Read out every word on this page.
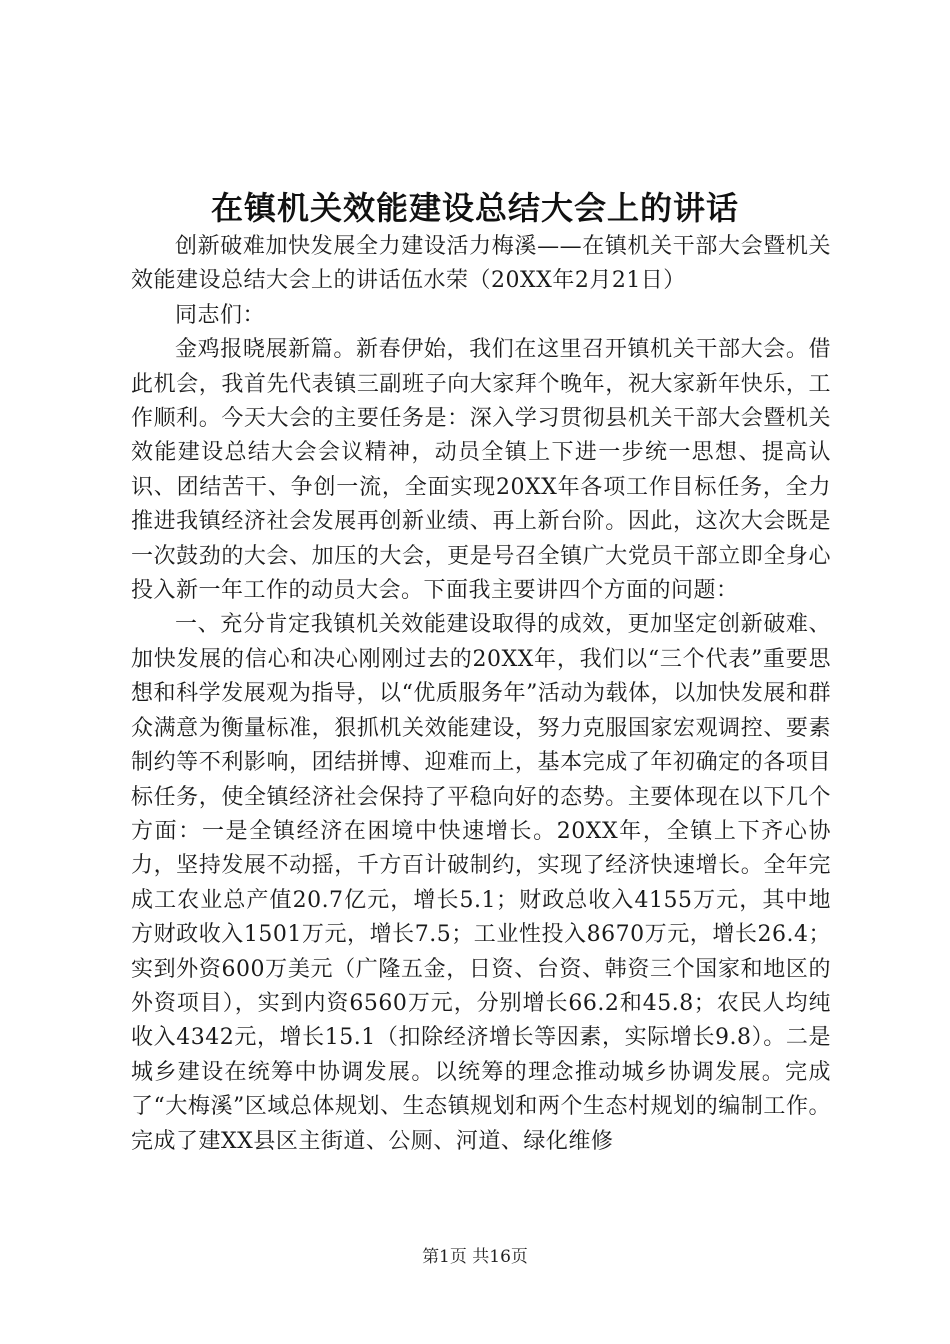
在镇机关效能建设总结大会上的讲话

创新破难加快发展全力建设活力梅溪——在镇机关干部大会暨机关效能建设总结大会上的讲话伍水荣（20XX年2月21日）

同志们：

金鸡报晓展新篇。新春伊始，我们在这里召开镇机关干部大会。借此机会，我首先代表镇三副班子向大家拜个晚年，祝大家新年快乐，工作顺利。今天大会的主要任务是：深入学习贯彻县机关干部大会暨机关效能建设总结大会会议精神，动员全镇上下进一步统一思想、提高认识、团结苦干、争创一流，全面实现20XX年各项工作目标任务，全力推进我镇经济社会发展再创新业绩、再上新台阶。因此，这次大会既是一次鼓劲的大会、加压的大会，更是号召全镇广大党员干部立即全身心投入新一年工作的动员大会。下面我主要讲四个方面的问题：

一、充分肯定我镇机关效能建设取得的成效，更加坚定创新破难、加快发展的信心和决心刚刚过去的20XX年，我们以“三个代表”重要思想和科学发展观为指导，以“优质服务年”活动为载体，以加快发展和群众满意为衡量标准，狠抓机关效能建设，努力克服国家宏观调控、要素制约等不利影响，团结拼博、迎难而上，基本完成了年初确定的各项目标任务，使全镇经济社会保持了平稳向好的态势。主要体现在以下几个方面：一是全镇经济在困境中快速增长。20XX年，全镇上下齐心协力，坚持发展不动摇，千方百计破制约，实现了经济快速增长。全年完成工农业总产值20.7亿元，增长5.1；财政总收入4155万元，其中地方财政收入1501万元，增长7.5；工业性投入8670万元，增长26.4；实到外资600万美元（广隆五金，日资、台资、韩资三个国家和地区的外资项目），实到内资6560万元，分别增长66.2和45.8；农民人均纯收入4342元，增长15.1（扣除经济增长等因素，实际增长9.8）。二是城乡建设在统筹中协调发展。以统筹的理念推动城乡协调发展。完成了“大梅溪”区域总体规划、生态镇规划和两个生态村规划的编制工作。完成了建XX县区主街道、公厕、河道、绿化维修

第1页 共16页
